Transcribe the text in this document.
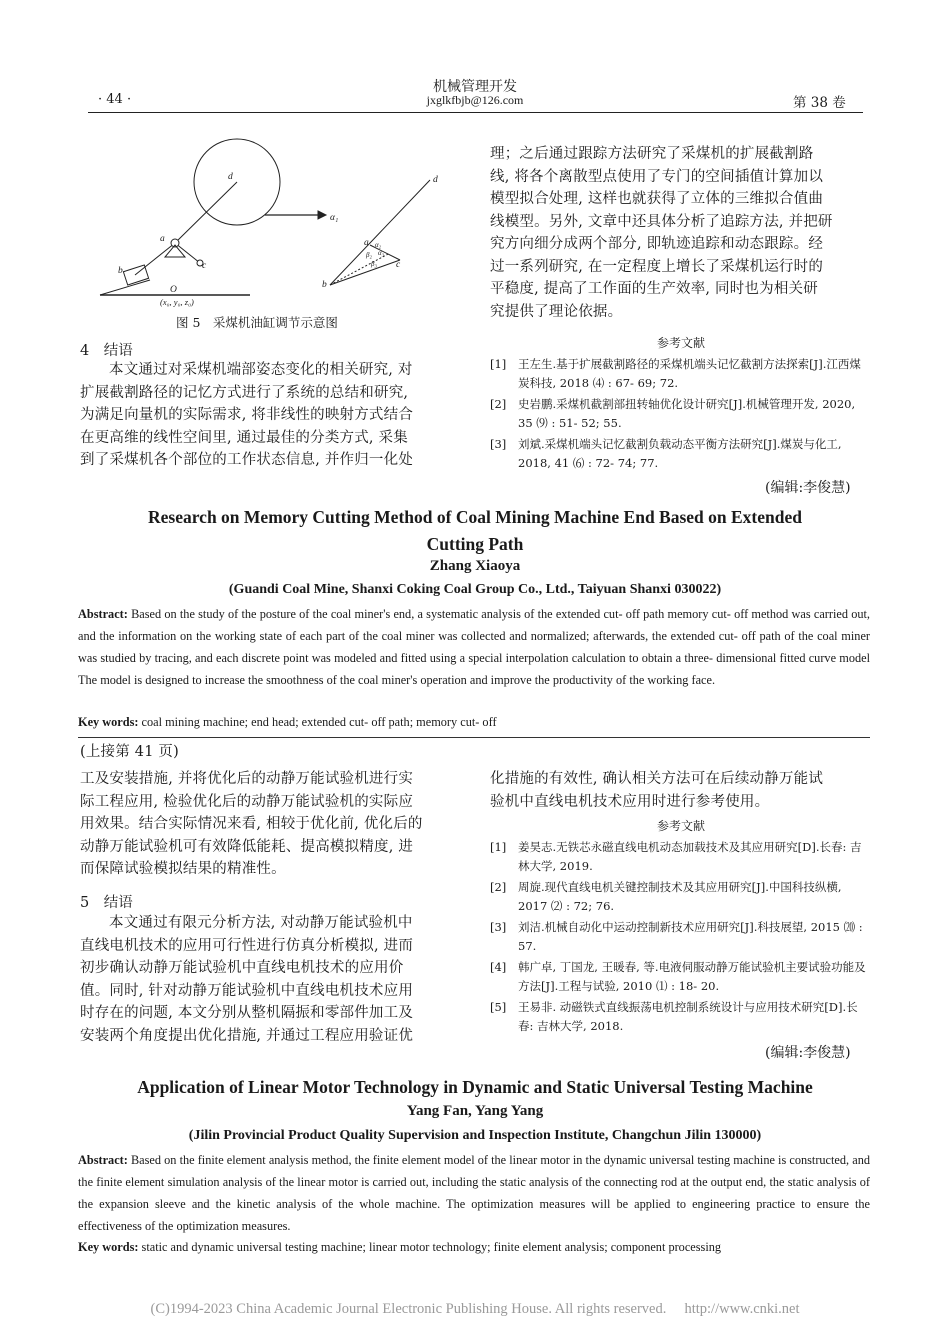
· 44 ·
机械管理开发
jxglkfbjb@126.com	第 38 卷
d
a
c
b
O
(x₀, y₀, z₀)
d
α₁
a α₂
α₃
β₂
β₃ c
b
图 5　采煤机油缸调节示意图
4　结语
本文通过对采煤机端部姿态变化的相关研究, 对
扩展截割路径的记忆方式进行了系统的总结和研究,
为满足向量机的实际需求, 将非线性的映射方式结合
在更高维的线性空间里, 通过最佳的分类方式, 采集
到了采煤机各个部位的工作状态信息, 并作归一化处
理；之后通过跟踪方法研究了采煤机的扩展截割路
线, 将各个离散型点使用了专门的空间插值计算加以
模型拟合处理, 这样也就获得了立体的三维拟合值曲
线模型。另外, 文章中还具体分析了追踪方法, 并把研
究方向细分成两个部分, 即轨迹追踪和动态跟踪。经
过一系列研究, 在一定程度上增长了采煤机运行时的
平稳度, 提高了工作面的生产效率, 同时也为相关研
究提供了理论依据。
参考文献
[1]	王左生.基于扩展截割路径的采煤机端头记忆截割方法探索[J].江西煤炭科技, 2018 ⑷ : 67- 69; 72.
[2]	史岩鹏.采煤机截割部扭转轴优化设计研究[J].机械管理开发, 2020, 35 ⑼ : 51- 52; 55.
[3]	刘斌.采煤机端头记忆截割负载动态平衡方法研究[J].煤炭与化工, 2018, 41 ⑹ : 72- 74; 77.
(编辑:李俊慧)
Research on Memory Cutting Method of Coal Mining Machine End Based on Extended
Cutting Path
Zhang Xiaoya
(Guandi Coal Mine, Shanxi Coking Coal Group Co., Ltd., Taiyuan Shanxi 030022)
Abstract: Based on the study of the posture of the coal miner's end, a systematic analysis of the extended cut- off path memory cut- off method was carried out, and the information on the working state of each part of the coal miner was collected and normalized; afterwards, the extended cut- off path of the coal miner was studied by tracing, and each discrete point was modeled and fitted using a special interpolation calculation to obtain a three- dimensional fitted curve model The model is designed to increase the smoothness of the coal miner's operation and improve the productivity of the working face.
Key words: coal mining machine; end head; extended cut- off path; memory cut- off
(上接第 41 页)
工及安装措施, 并将优化后的动静万能试验机进行实
际工程应用, 检验优化后的动静万能试验机的实际应
用效果。结合实际情况来看, 相较于优化前, 优化后的
动静万能试验机可有效降低能耗、提高模拟精度, 进
而保障试验模拟结果的精准性。
5　结语
本文通过有限元分析方法, 对动静万能试验机中
直线电机技术的应用可行性进行仿真分析模拟, 进而
初步确认动静万能试验机中直线电机技术的应用价
值。同时, 针对动静万能试验机中直线电机技术应用
时存在的问题, 本文分别从整机隔振和零部件加工及
安装两个角度提出优化措施, 并通过工程应用验证优
化措施的有效性, 确认相关方法可在后续动静万能试
验机中直线电机技术应用时进行参考使用。
参考文献
[1]	姜昊志.无铁芯永磁直线电机动态加载技术及其应用研究[D].长春: 吉林大学, 2019.
[2]	周旋.现代直线电机关键控制技术及其应用研究[J].中国科技纵横, 2017 ⑵ : 72; 76.
[3]	刘洁.机械自动化中运动控制新技术应用研究[J].科技展望, 2015 ⒇ : 57.
[4]	韩广卓, 丁国龙, 王暖春, 等.电液伺服动静万能试验机主要试验功能及方法[J].工程与试验, 2010 ⑴ : 18- 20.
[5]	王易非. 动磁铁式直线振荡电机控制系统设计与应用技术研究[D].长春: 吉林大学, 2018.
(编辑:李俊慧)
Application of Linear Motor Technology in Dynamic and Static Universal Testing Machine
Yang Fan, Yang Yang
(Jilin Provincial Product Quality Supervision and Inspection Institute, Changchun Jilin 130000)
Abstract: Based on the finite element analysis method, the finite element model of the linear motor in the dynamic universal testing machine is constructed, and the finite element simulation analysis of the linear motor is carried out, including the static analysis of the connecting rod at the output end, the static analysis of the expansion sleeve and the kinetic analysis of the whole machine. The optimization measures will be applied to engineering practice to ensure the effectiveness of the optimization measures.
Key words: static and dynamic universal testing machine; linear motor technology; finite element analysis; component processing
(C)1994-2023 China Academic Journal Electronic Publishing House. All rights reserved.　 http://www.cnki.net
